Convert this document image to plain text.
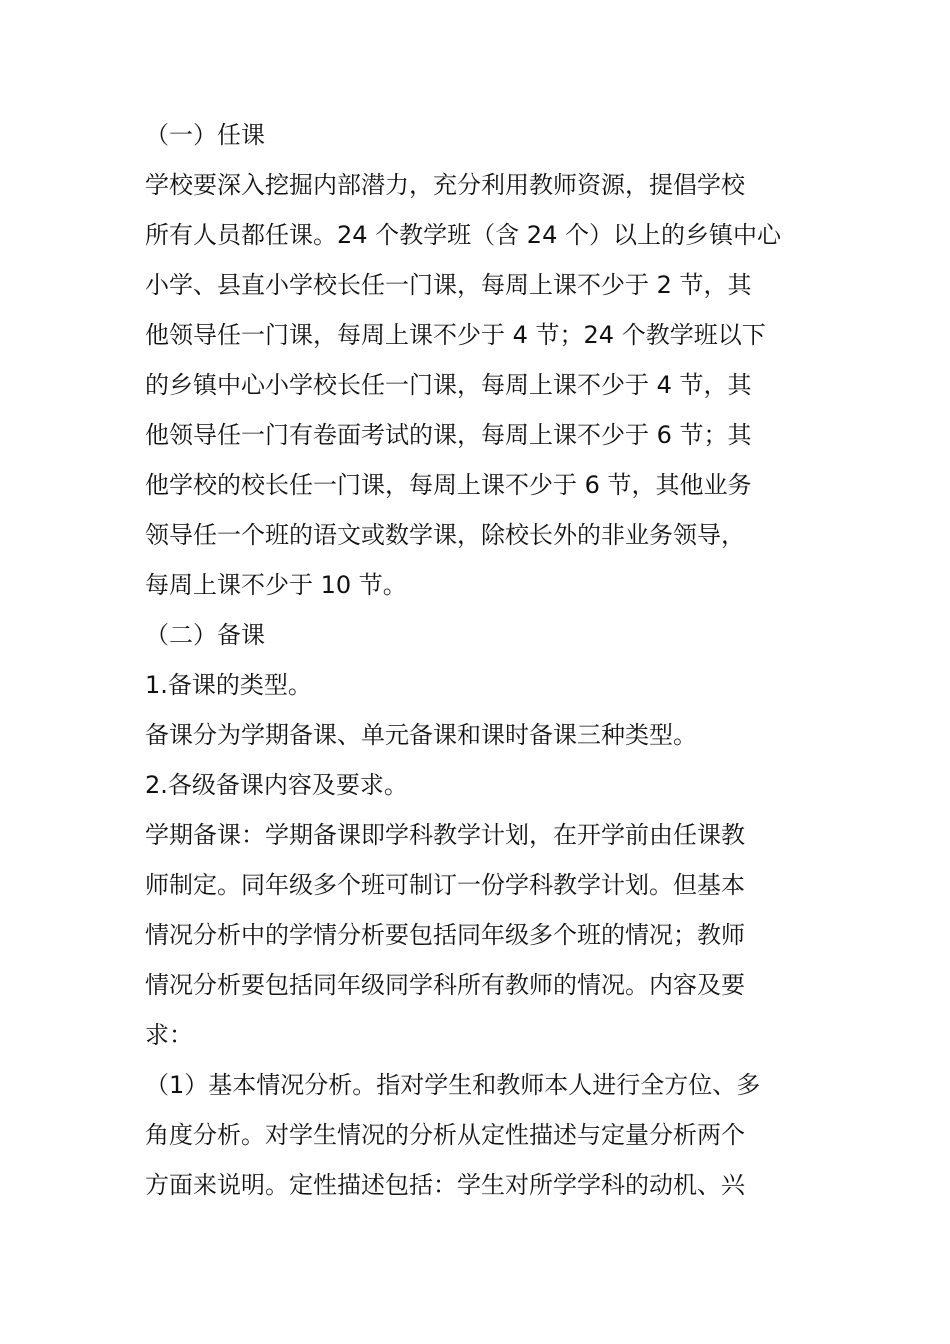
（一）任课
学校要深入挖掘内部潜力，充分利用教师资源，提倡学校
所有人员都任课。24 个教学班（含 24 个）以上的乡镇中心
小学、县直小学校长任一门课，每周上课不少于 2 节，其
他领导任一门课，每周上课不少于 4 节；24 个教学班以下
的乡镇中心小学校长任一门课，每周上课不少于 4 节，其
他领导任一门有卷面考试的课，每周上课不少于 6 节；其
他学校的校长任一门课，每周上课不少于 6 节，其他业务
领导任一个班的语文或数学课，除校长外的非业务领导，
每周上课不少于 10 节。
（二）备课
1.备课的类型。
备课分为学期备课、单元备课和课时备课三种类型。
2.各级备课内容及要求。
学期备课：学期备课即学科教学计划，在开学前由任课教
师制定。同年级多个班可制订一份学科教学计划。但基本
情况分析中的学情分析要包括同年级多个班的情况；教师
情况分析要包括同年级同学科所有教师的情况。内容及要
求：
（1）基本情况分析。指对学生和教师本人进行全方位、多
角度分析。对学生情况的分析从定性描述与定量分析两个
方面来说明。定性描述包括：学生对所学学科的动机、兴
